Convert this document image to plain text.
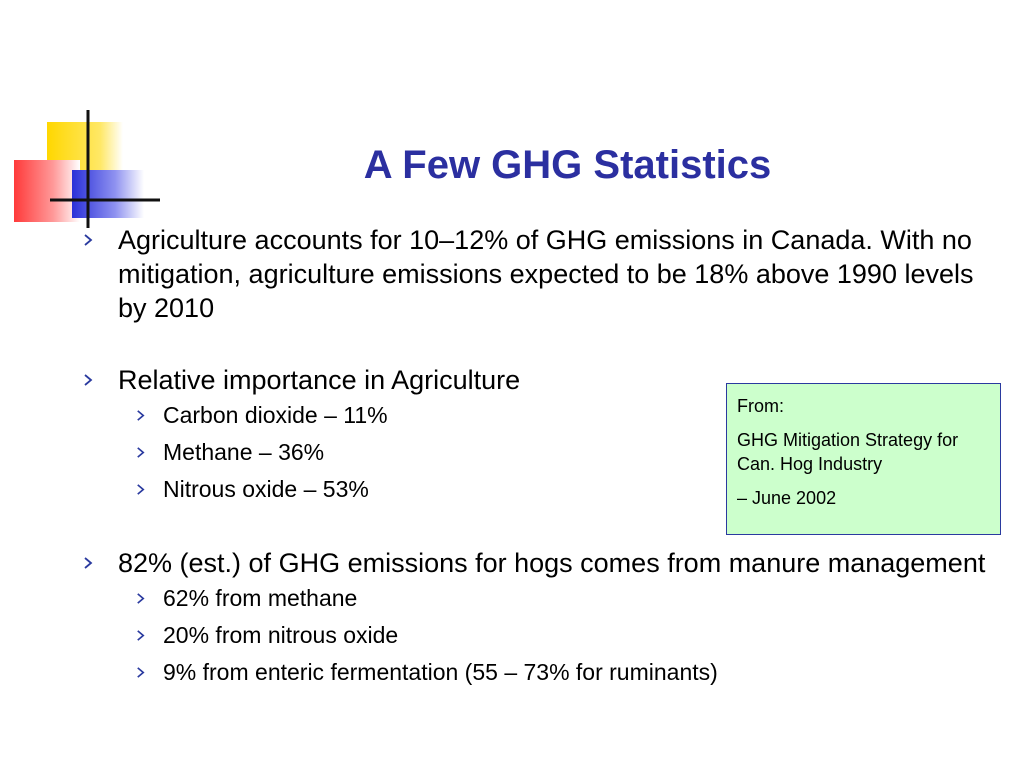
A Few GHG Statistics
Agriculture accounts for 10–12% of GHG emissions in Canada. With no mitigation, agriculture emissions expected to be 18% above 1990 levels by 2010
Relative importance in Agriculture
Carbon dioxide – 11%
Methane – 36%
Nitrous oxide – 53%
82% (est.) of GHG emissions for hogs comes from manure management
62% from methane
20% from nitrous oxide
9% from enteric fermentation (55 – 73% for ruminants)

From:

GHG Mitigation Strategy for Can. Hog Industry

– June 2002
